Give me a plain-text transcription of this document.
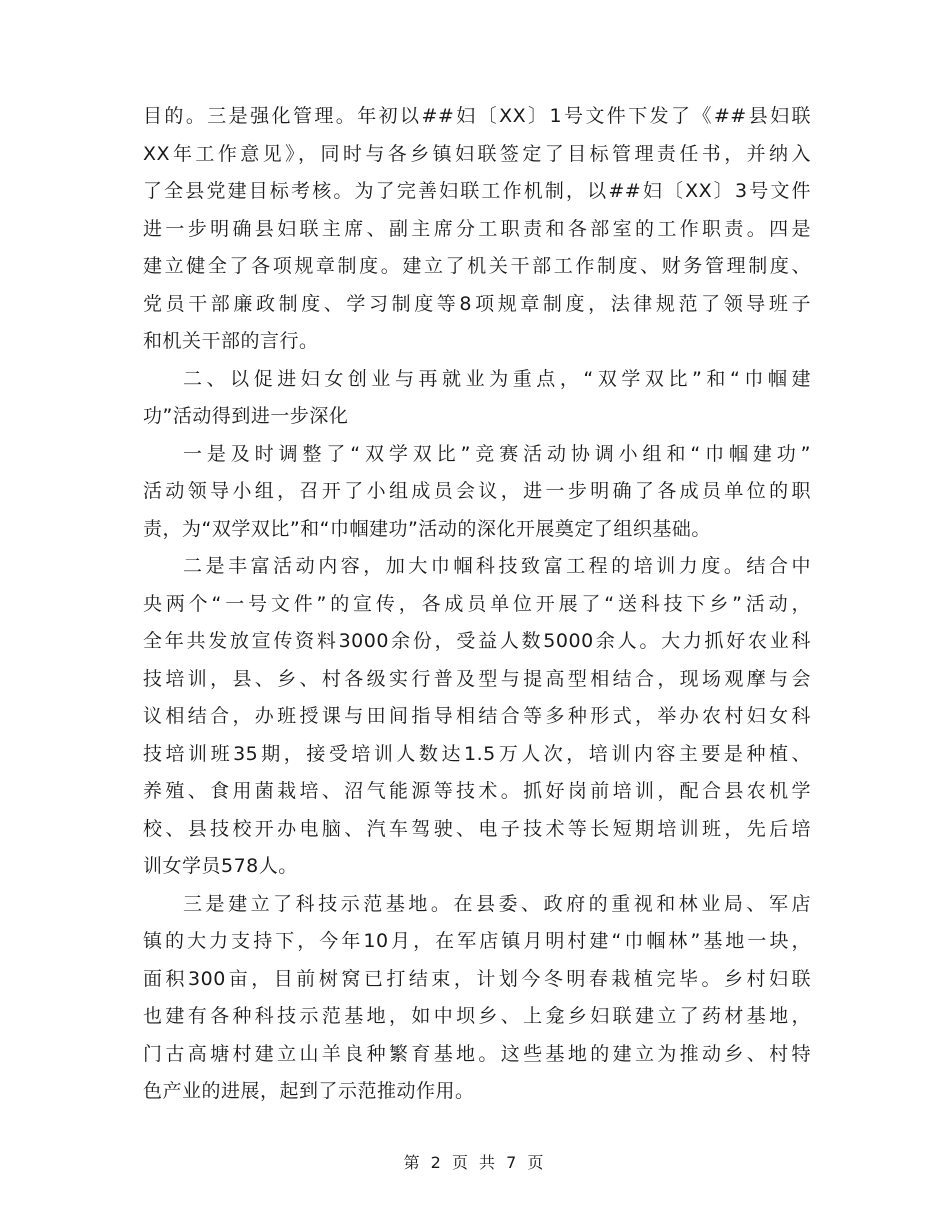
目的。三是强化管理。年初以##妇〔XX〕1号文件下发了《##县妇联
XX年工作意见》，同时与各乡镇妇联签定了目标管理责任书，并纳入
了全县党建目标考核。为了完善妇联工作机制，以##妇〔XX〕3号文件
进一步明确县妇联主席、副主席分工职责和各部室的工作职责。四是
建立健全了各项规章制度。建立了机关干部工作制度、财务管理制度、
党员干部廉政制度、学习制度等8项规章制度，法律规范了领导班子
和机关干部的言行。
二、以促进妇女创业与再就业为重点，“双学双比”和“巾帼建
功”活动得到进一步深化
一是及时调整了“双学双比”竞赛活动协调小组和“巾帼建功”
活动领导小组，召开了小组成员会议，进一步明确了各成员单位的职
责，为“双学双比”和“巾帼建功”活动的深化开展奠定了组织基础。
二是丰富活动内容，加大巾帼科技致富工程的培训力度。结合中
央两个“一号文件”的宣传，各成员单位开展了“送科技下乡”活动，
全年共发放宣传资料3000余份，受益人数5000余人。大力抓好农业科
技培训，县、乡、村各级实行普及型与提高型相结合，现场观摩与会
议相结合，办班授课与田间指导相结合等多种形式，举办农村妇女科
技培训班35期，接受培训人数达1.5万人次，培训内容主要是种植、
养殖、食用菌栽培、沼气能源等技术。抓好岗前培训，配合县农机学
校、县技校开办电脑、汽车驾驶、电子技术等长短期培训班，先后培
训女学员578人。
三是建立了科技示范基地。在县委、政府的重视和林业局、军店
镇的大力支持下，今年10月，在军店镇月明村建“巾帼林”基地一块，
面积300亩，目前树窝已打结束，计划今冬明春栽植完毕。乡村妇联
也建有各种科技示范基地，如中坝乡、上龛乡妇联建立了药材基地，
门古高塘村建立山羊良种繁育基地。这些基地的建立为推动乡、村特
色产业的进展，起到了示范推动作用。
第 2 页 共 7 页
